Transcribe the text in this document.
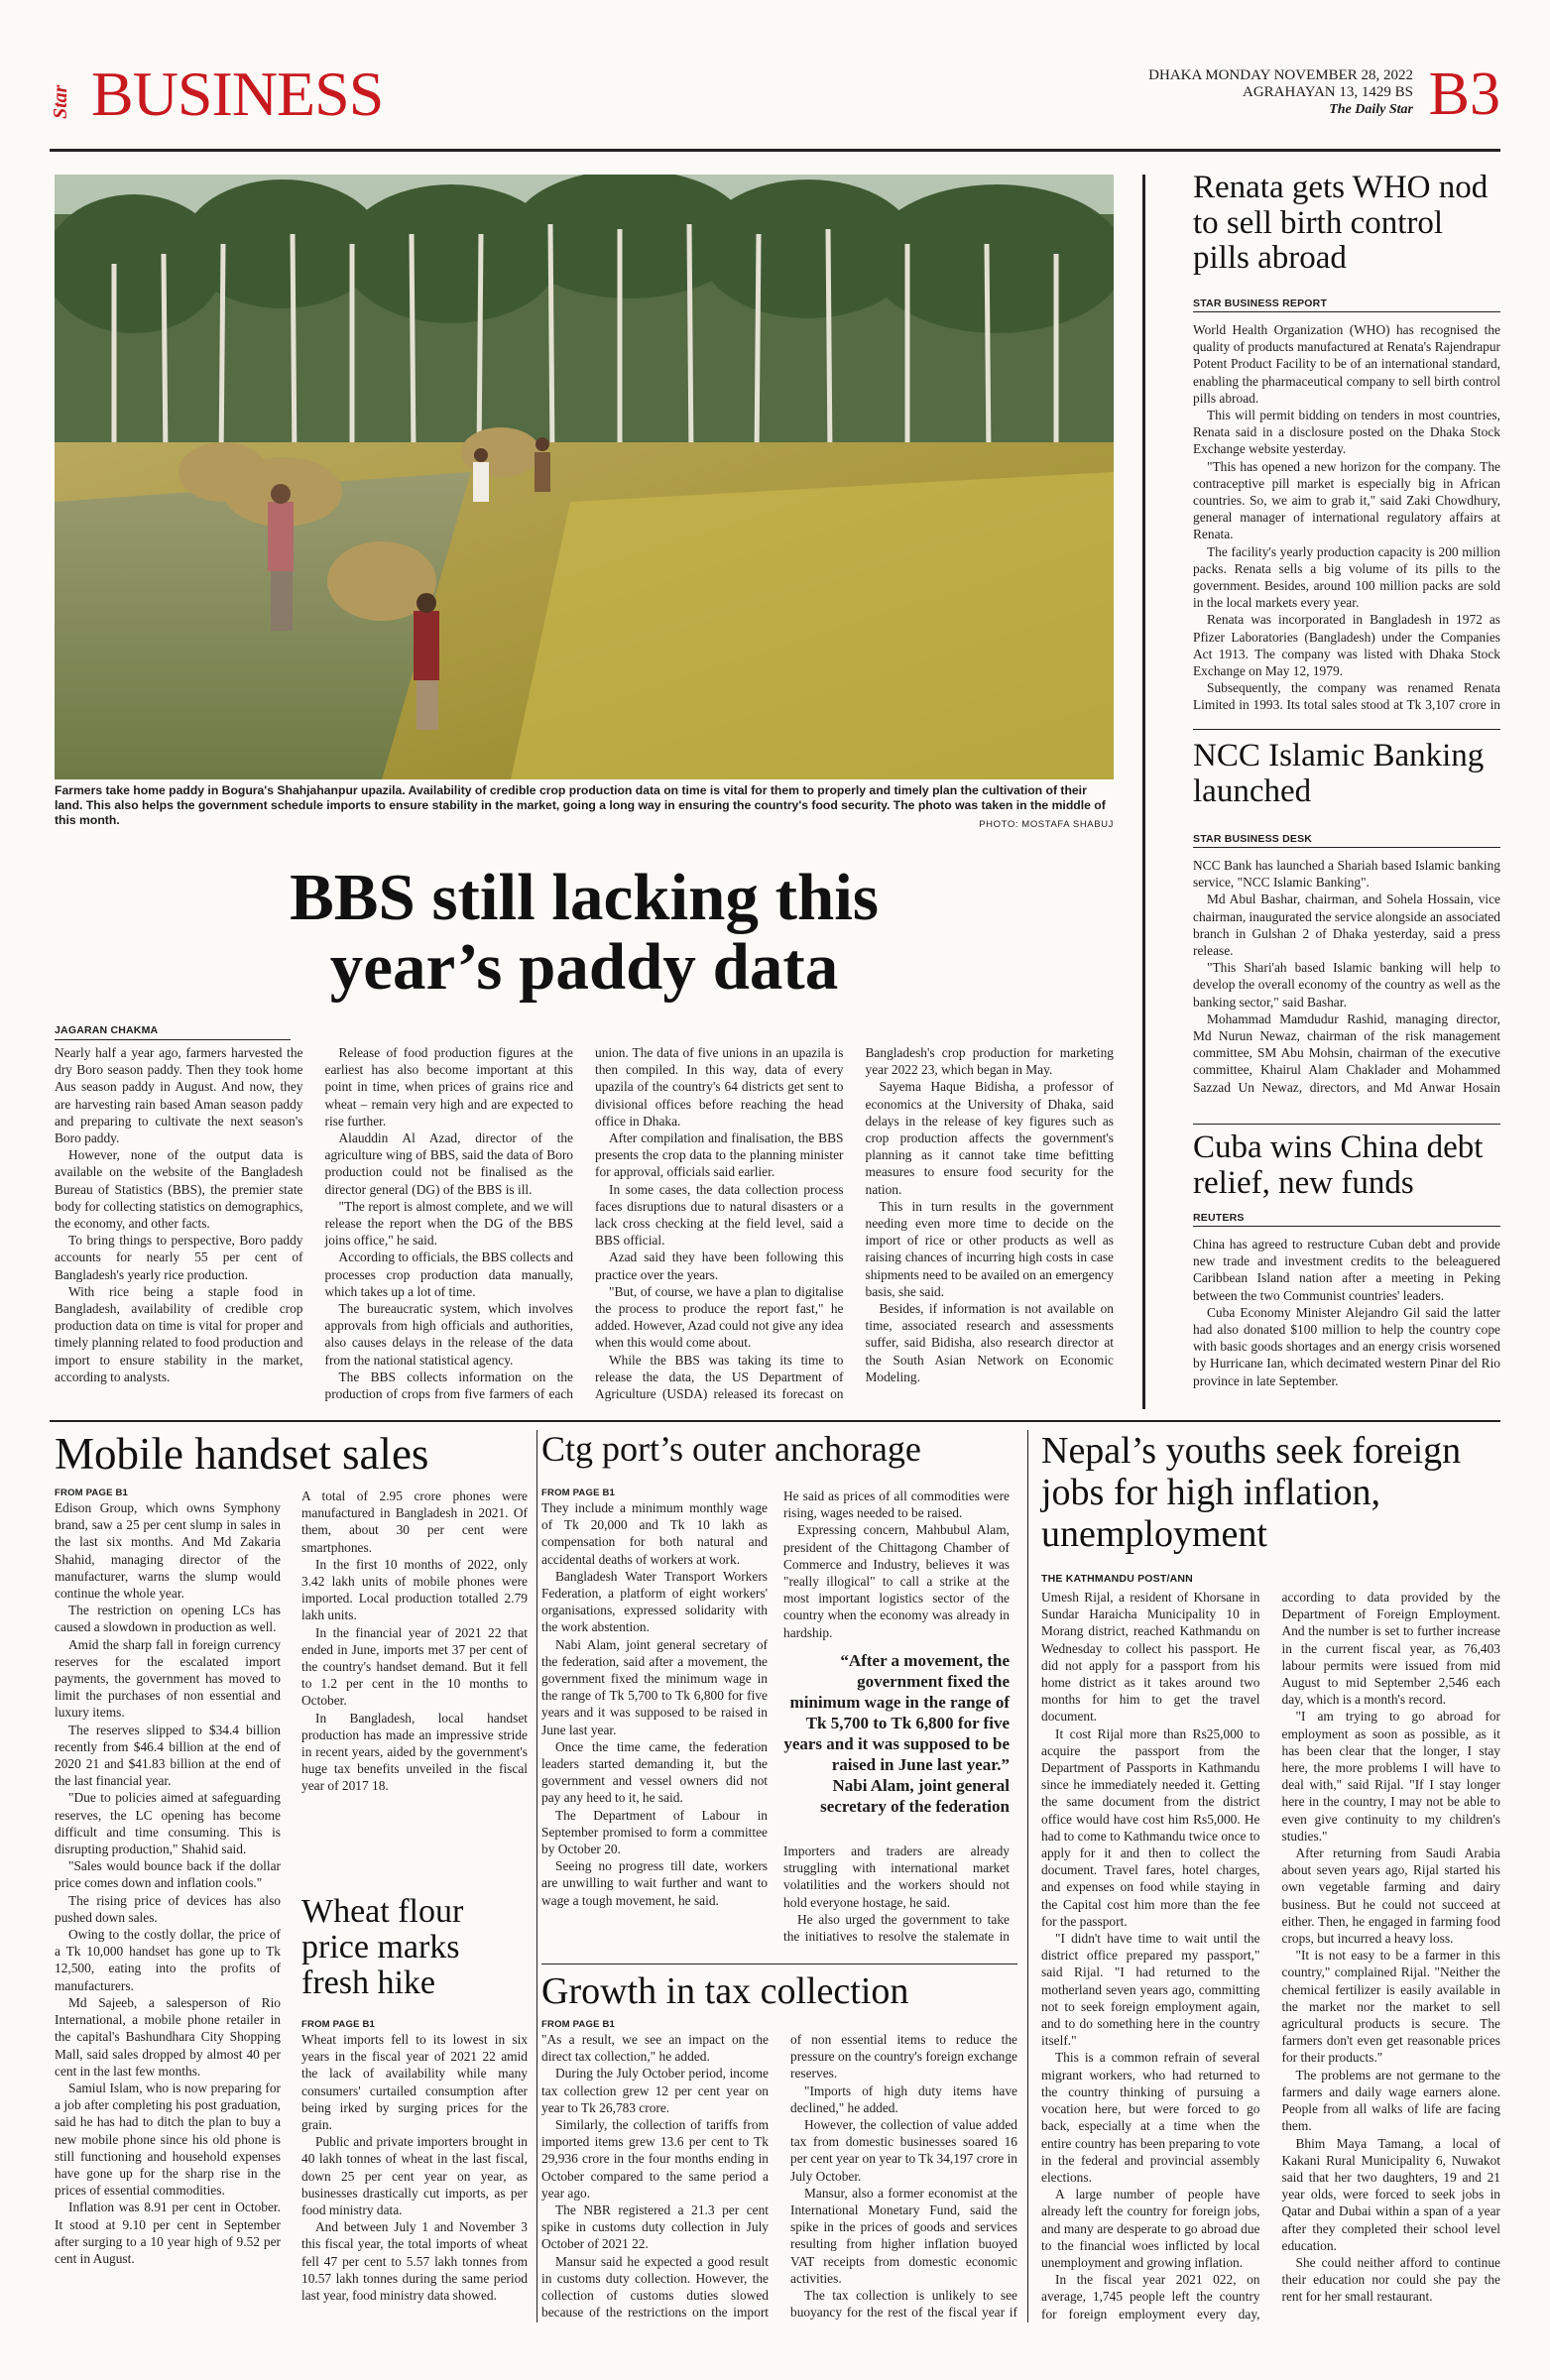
Star BUSINESS	DHAKA MONDAY NOVEMBER 28, 2022
AGRAHAYAN 13, 1429 BS
The Daily Star B3
Farmers take home paddy in Bogura's Shahjahanpur upazila. Availability of credible crop production data on time is vital for them to properly and timely plan the cultivation of their land. This also helps the government schedule imports to ensure stability in the market, going a long way in ensuring the country's food security. The photo was taken in the middle of this month.	PHOTO: MOSTAFA SHABUJ
BBS still lacking this
year’s paddy data
JAGARAN CHAKMA

Nearly half a year ago, farmers harvested the dry Boro season paddy. Then they took home Aus season paddy in August. And now, they are harvesting rain based Aman season paddy and preparing to cultivate the next season's Boro paddy.

However, none of the output data is available on the website of the Bangladesh Bureau of Statistics (BBS), the premier state body for collecting statistics on demographics, the economy, and other facts.

To bring things to perspective, Boro paddy accounts for nearly 55 per cent of Bangladesh's yearly rice production.

With rice being a staple food in Bangladesh, availability of credible crop production data on time is vital for proper and timely planning related to food production and import to ensure stability in the market, according to analysts.

Release of food production figures at the earliest has also become important at this point in time, when prices of grains rice and wheat – remain very high and are expected to rise further.

Alauddin Al Azad, director of the agriculture wing of BBS, said the data of Boro production could not be finalised as the director general (DG) of the BBS is ill.

"The report is almost complete, and we will release the report when the DG of the BBS joins office," he said.

According to officials, the BBS collects and processes crop production data manually, which takes up a lot of time.

The bureaucratic system, which involves approvals from high officials and authorities, also causes delays in the release of the data from the national statistical agency.

The BBS collects information on the production of crops from five farmers of each union. The data of five unions in an upazila is then compiled. In this way, data of every upazila of the country's 64 districts get sent to divisional offices before reaching the head office in Dhaka.

After compilation and finalisation, the BBS presents the crop data to the planning minister for approval, officials said earlier.

In some cases, the data collection process faces disruptions due to natural disasters or a lack cross checking at the field level, said a BBS official.

Azad said they have been following this practice over the years.

"But, of course, we have a plan to digitalise the process to produce the report fast," he added. However, Azad could not give any idea when this would come about.

While the BBS was taking its time to release the data, the US Department of Agriculture (USDA) released its forecast on Bangladesh's crop production for marketing year 2022 23, which began in May.

Sayema Haque Bidisha, a professor of economics at the University of Dhaka, said delays in the release of key figures such as crop production affects the government's planning as it cannot take time befitting measures to ensure food security for the nation.

This in turn results in the government needing even more time to decide on the import of rice or other products as well as raising chances of incurring high costs in case shipments need to be availed on an emergency basis, she said.

Besides, if information is not available on time, associated research and assessments suffer, said Bidisha, also research director at the South Asian Network on Economic Modeling.

Renata gets WHO nod to sell birth control pills abroad
STAR BUSINESS REPORT

World Health Organization (WHO) has recognised the quality of products manufactured at Renata's Rajendrapur Potent Product Facility to be of an international standard, enabling the pharmaceutical company to sell birth control pills abroad.

This will permit bidding on tenders in most countries, Renata said in a disclosure posted on the Dhaka Stock Exchange website yesterday.

"This has opened a new horizon for the company. The contraceptive pill market is especially big in African countries. So, we aim to grab it," said Zaki Chowdhury, general manager of international regulatory affairs at Renata.

The facility's yearly production capacity is 200 million packs. Renata sells a big volume of its pills to the government. Besides, around 100 million packs are sold in the local markets every year.

Renata was incorporated in Bangladesh in 1972 as Pfizer Laboratories (Bangladesh) under the Companies Act 1913. The company was listed with Dhaka Stock Exchange on May 12, 1979.

Subsequently, the company was renamed Renata Limited in 1993. Its total sales stood at Tk 3,107 crore in

NCC Islamic Banking launched
STAR BUSINESS DESK

NCC Bank has launched a Shariah based Islamic banking service, "NCC Islamic Banking".

Md Abul Bashar, chairman, and Sohela Hossain, vice chairman, inaugurated the service alongside an associated branch in Gulshan 2 of Dhaka yesterday, said a press release.

"This Shari'ah based Islamic banking will help to develop the overall economy of the country as well as the banking sector," said Bashar.

Mohammad Mamdudur Rashid, managing director, Md Nurun Newaz, chairman of the risk management committee, SM Abu Mohsin, chairman of the executive committee, Khairul Alam Chaklader and Mohammed Sazzad Un Newaz, directors, and Md Anwar Hosain

Cuba wins China debt relief, new funds
REUTERS

China has agreed to restructure Cuban debt and provide new trade and investment credits to the beleaguered Caribbean Island nation after a meeting in Peking between the two Communist countries' leaders.

Cuba Economy Minister Alejandro Gil said the latter had also donated $100 million to help the country cope with basic goods shortages and an energy crisis worsened by Hurricane Ian, which decimated western Pinar del Rio province in late September.

Mobile handset sales
FROM PAGE B1

Edison Group, which owns Symphony brand, saw a 25 per cent slump in sales in the last six months. And Md Zakaria Shahid, managing director of the manufacturer, warns the slump would continue the whole year.

The restriction on opening LCs has caused a slowdown in production as well.

Amid the sharp fall in foreign currency reserves for the escalated import payments, the government has moved to limit the purchases of non essential and luxury items.

The reserves slipped to $34.4 billion recently from $46.4 billion at the end of 2020 21 and $41.83 billion at the end of the last financial year.

"Due to policies aimed at safeguarding reserves, the LC opening has become difficult and time consuming. This is disrupting production," Shahid said.

"Sales would bounce back if the dollar price comes down and inflation cools."

The rising price of devices has also pushed down sales.

Owing to the costly dollar, the price of a Tk 10,000 handset has gone up to Tk 12,500, eating into the profits of manufacturers.

Md Sajeeb, a salesperson of Rio International, a mobile phone retailer in the capital's Bashundhara City Shopping Mall, said sales dropped by almost 40 per cent in the last few months.

Samiul Islam, who is now preparing for a job after completing his post graduation, said he has had to ditch the plan to buy a new mobile phone since his old phone is still functioning and household expenses have gone up for the sharp rise in the prices of essential commodities.

Inflation was 8.91 per cent in October. It stood at 9.10 per cent in September after surging to a 10 year high of 9.52 per cent in August.

A total of 2.95 crore phones were manufactured in Bangladesh in 2021. Of them, about 30 per cent were smartphones.

In the first 10 months of 2022, only 3.42 lakh units of mobile phones were imported. Local production totalled 2.79 lakh units.

In the financial year of 2021 22 that ended in June, imports met 37 per cent of the country's handset demand. But it fell to 1.2 per cent in the 10 months to October.

In Bangladesh, local handset production has made an impressive stride in recent years, aided by the government's huge tax benefits unveiled in the fiscal year of 2017 18.

Wheat flour price marks fresh hike
FROM PAGE B1

Wheat imports fell to its lowest in six years in the fiscal year of 2021 22 amid the lack of availability while many consumers' curtailed consumption after being irked by surging prices for the grain.

Public and private importers brought in 40 lakh tonnes of wheat in the last fiscal, down 25 per cent year on year, as businesses drastically cut imports, as per food ministry data.

And between July 1 and November 3 this fiscal year, the total imports of wheat fell 47 per cent to 5.57 lakh tonnes from 10.57 lakh tonnes during the same period last year, food ministry data showed.

Ctg port’s outer anchorage
FROM PAGE B1

They include a minimum monthly wage of Tk 20,000 and Tk 10 lakh as compensation for both natural and accidental deaths of workers at work.

Bangladesh Water Transport Workers Federation, a platform of eight workers' organisations, expressed solidarity with the work abstention.

Nabi Alam, joint general secretary of the federation, said after a movement, the government fixed the minimum wage in the range of Tk 5,700 to Tk 6,800 for five years and it was supposed to be raised in June last year.

Once the time came, the federation leaders started demanding it, but the government and vessel owners did not pay any heed to it, he said.

The Department of Labour in September promised to form a committee by October 20.

Seeing no progress till date, workers are unwilling to wait further and want to wage a tough movement, he said.

He said as prices of all commodities were rising, wages needed to be raised.

Expressing concern, Mahbubul Alam, president of the Chittagong Chamber of Commerce and Industry, believes it was "really illogical" to call a strike at the most important logistics sector of the country when the economy was already in hardship.

“After a movement, the government fixed the minimum wage in the range of Tk 5,700 to Tk 6,800 for five years and it was supposed to be raised in June last year.”
Nabi Alam, joint general secretary of the federation

Importers and traders are already struggling with international market volatilities and the workers should not hold everyone hostage, he said.

He also urged the government to take the initiatives to resolve the stalemate in

Growth in tax collection
FROM PAGE B1

"As a result, we see an impact on the direct tax collection," he added.

During the July October period, income tax collection grew 12 per cent year on year to Tk 26,783 crore.

Similarly, the collection of tariffs from imported items grew 13.6 per cent to Tk 29,936 crore in the four months ending in October compared to the same period a year ago.

The NBR registered a 21.3 per cent spike in customs duty collection in July October of 2021 22.

Mansur said he expected a good result in customs duty collection. However, the collection of customs duties slowed because of the restrictions on the import of non essential items to reduce the pressure on the country's foreign exchange reserves.

"Imports of high duty items have declined," he added.

However, the collection of value added tax from domestic businesses soared 16 per cent year on year to Tk 34,197 crore in July October.

Mansur, also a former economist at the International Monetary Fund, said the spike in the prices of goods and services resulting from higher inflation buoyed VAT receipts from domestic economic activities.

The tax collection is unlikely to see buoyancy for the rest of the fiscal year if

Nepal’s youths seek foreign jobs for high inflation, unemployment
THE KATHMANDU POST/ANN

Umesh Rijal, a resident of Khorsane in Sundar Haraicha Municipality 10 in Morang district, reached Kathmandu on Wednesday to collect his passport. He did not apply for a passport from his home district as it takes around two months for him to get the travel document.

It cost Rijal more than Rs25,000 to acquire the passport from the Department of Passports in Kathmandu since he immediately needed it. Getting the same document from the district office would have cost him Rs5,000. He had to come to Kathmandu twice once to apply for it and then to collect the document. Travel fares, hotel charges, and expenses on food while staying in the Capital cost him more than the fee for the passport.

"I didn't have time to wait until the district office prepared my passport," said Rijal. "I had returned to the motherland seven years ago, committing not to seek foreign employment again, and to do something here in the country itself."

This is a common refrain of several migrant workers, who had returned to the country thinking of pursuing a vocation here, but were forced to go back, especially at a time when the entire country has been preparing to vote in the federal and provincial assembly elections.

A large number of people have already left the country for foreign jobs, and many are desperate to go abroad due to the financial woes inflicted by local unemployment and growing inflation.

In the fiscal year 2021 022, on average, 1,745 people left the country for foreign employment every day, according to data provided by the Department of Foreign Employment. And the number is set to further increase in the current fiscal year, as 76,403 labour permits were issued from mid August to mid September 2,546 each day, which is a month's record.

"I am trying to go abroad for employment as soon as possible, as it has been clear that the longer, I stay here, the more problems I will have to deal with," said Rijal. "If I stay longer here in the country, I may not be able to even give continuity to my children's studies."

After returning from Saudi Arabia about seven years ago, Rijal started his own vegetable farming and dairy business. But he could not succeed at either. Then, he engaged in farming food crops, but incurred a heavy loss.

"It is not easy to be a farmer in this country," complained Rijal. "Neither the chemical fertilizer is easily available in the market nor the market to sell agricultural products is secure. The farmers don't even get reasonable prices for their products."

The problems are not germane to the farmers and daily wage earners alone. People from all walks of life are facing them.

Bhim Maya Tamang, a local of Kakani Rural Municipality 6, Nuwakot said that her two daughters, 19 and 21 year olds, were forced to seek jobs in Qatar and Dubai within a span of a year after they completed their school level education.

She could neither afford to continue their education nor could she pay the rent for her small restaurant.
